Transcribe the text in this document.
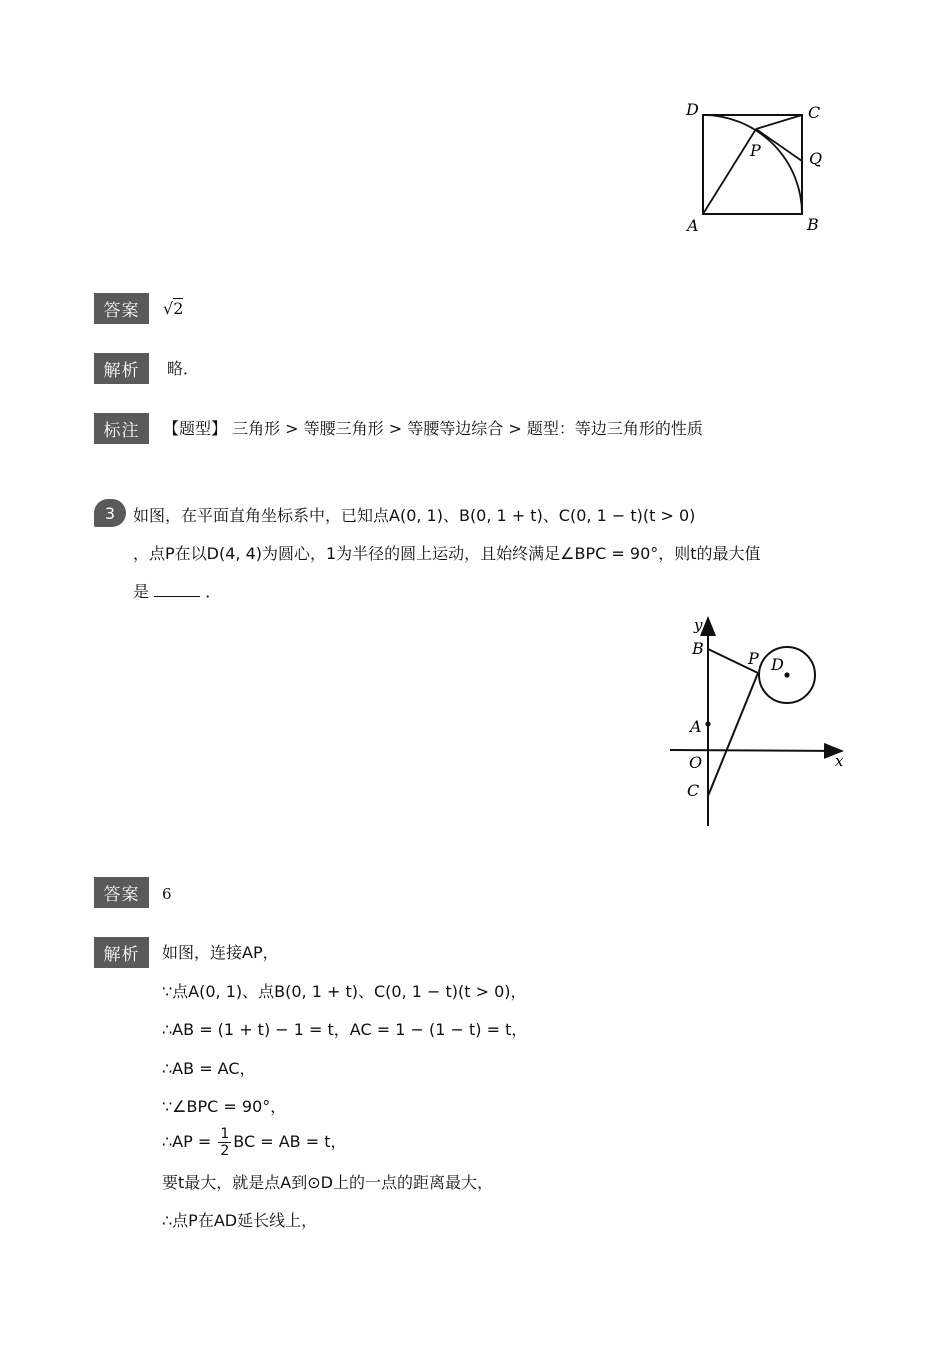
D	C
P	Q
A	B
答案	√2
解析	略．
标注	【题型】 三角形 > 等腰三角形 > 等腰等边综合 > 题型：等边三角形的性质
3	如图，在平面直角坐标系中，已知点A(0, 1)、B(0, 1 + t)、C(0, 1 − t)(t > 0)
，点P在以D(4, 4)为圆心，1为半径的圆上运动，且始终满足∠BPC = 90°，则t的最大值
是	．
y
x
B
P D
A
O
C
答案	6
解析	如图，连接AP，
∵点A(0, 1)、点B(0, 1 + t)、C(0, 1 − t)(t > 0)，
∴AB = (1 + t) − 1 = t，AC = 1 − (1 − t) = t，
∴AB = AC，
∵∠BPC = 90°，
∴AP = $\frac{1}{2}$ BC = AB = t，
要t最大，就是点A到⊙D上的一点的距离最大，
∴点P在AD延长线上，
